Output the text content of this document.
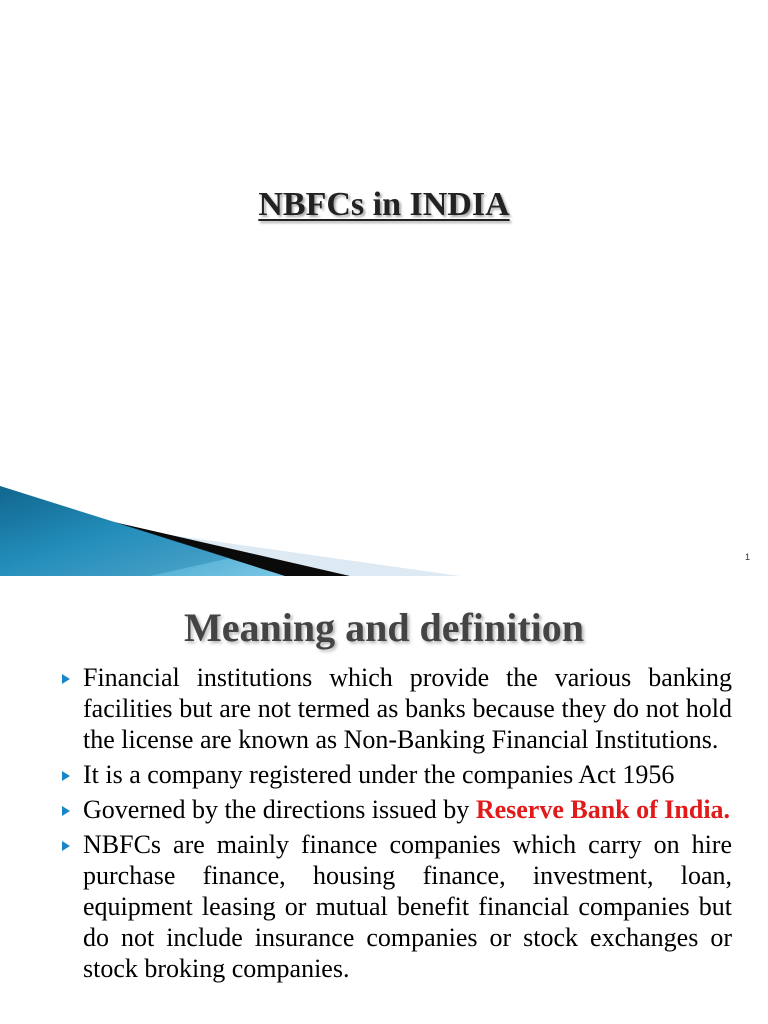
NBFCs in INDIA
1
Meaning and definition
Financial institutions which provide the various banking facilities but are not termed as banks because they do not hold the license are known as Non-Banking Financial Institutions.
It is a company registered under the companies Act 1956
Governed by the directions issued by Reserve Bank of India.
NBFCs are mainly finance companies which carry on hire purchase finance, housing finance, investment, loan, equipment leasing or mutual benefit financial companies but do not include insurance companies or stock exchanges or stock broking companies.
